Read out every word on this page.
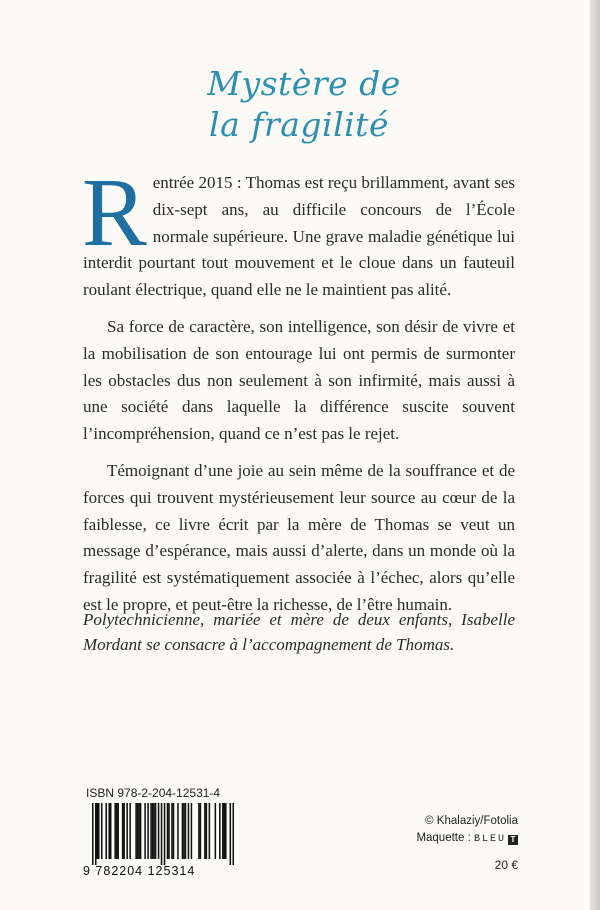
Mystère de
la fragilité

Rentrée 2015 : Thomas est reçu brillamment, avant ses dix-sept ans, au difficile concours de l’École normale supérieure. Une grave maladie génétique lui interdit pourtant tout mouvement et le cloue dans un fauteuil roulant électrique, quand elle ne le maintient pas alité.

Sa force de caractère, son intelligence, son désir de vivre et la mobilisation de son entourage lui ont permis de surmonter les obstacles dus non seulement à son infirmité, mais aussi à une société dans laquelle la différence suscite souvent l’incompréhension, quand ce n’est pas le rejet.

Témoignant d’une joie au sein même de la souffrance et de forces qui trouvent mystérieusement leur source au cœur de la faiblesse, ce livre écrit par la mère de Thomas se veut un message d’espérance, mais aussi d’alerte, dans un monde où la fragilité est systématiquement associée à l’échec, alors qu’elle est le propre, et peut-être la richesse, de l’être humain.

Polytechnicienne, mariée et mère de deux enfants, Isabelle Mordant se consacre à l’accompagnement de Thomas.
ISBN 978-2-204-12531-4
9 782204 125314
© Khalaziy/Fotolia
Maquette : BLEU T
20 €
